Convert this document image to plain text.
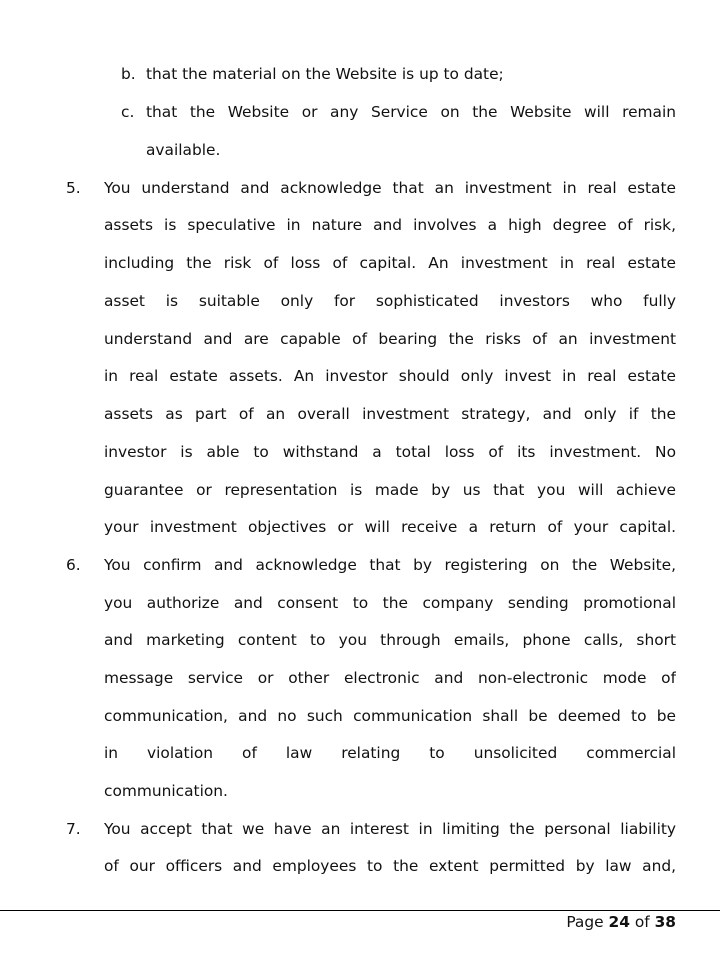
b. that the material on the Website is up to date;
c. that the Website or any Service on the Website will remain
available.
5. You understand and acknowledge that an investment in real estate
assets is speculative in nature and involves a high degree of risk,
including the risk of loss of capital. An investment in real estate
asset is suitable only for sophisticated investors who fully
understand and are capable of bearing the risks of an investment
in real estate assets. An investor should only invest in real estate
assets as part of an overall investment strategy, and only if the
investor is able to withstand a total loss of its investment. No
guarantee or representation is made by us that you will achieve
your investment objectives or will receive a return of your capital.
6. You confirm and acknowledge that by registering on the Website,
you authorize and consent to the company sending promotional
and marketing content to you through emails, phone calls, short
message service or other electronic and non-electronic mode of
communication, and no such communication shall be deemed to be
in violation of law relating to unsolicited commercial
communication.
7. You accept that we have an interest in limiting the personal liability
of our officers and employees to the extent permitted by law and,
Page 24 of 38
